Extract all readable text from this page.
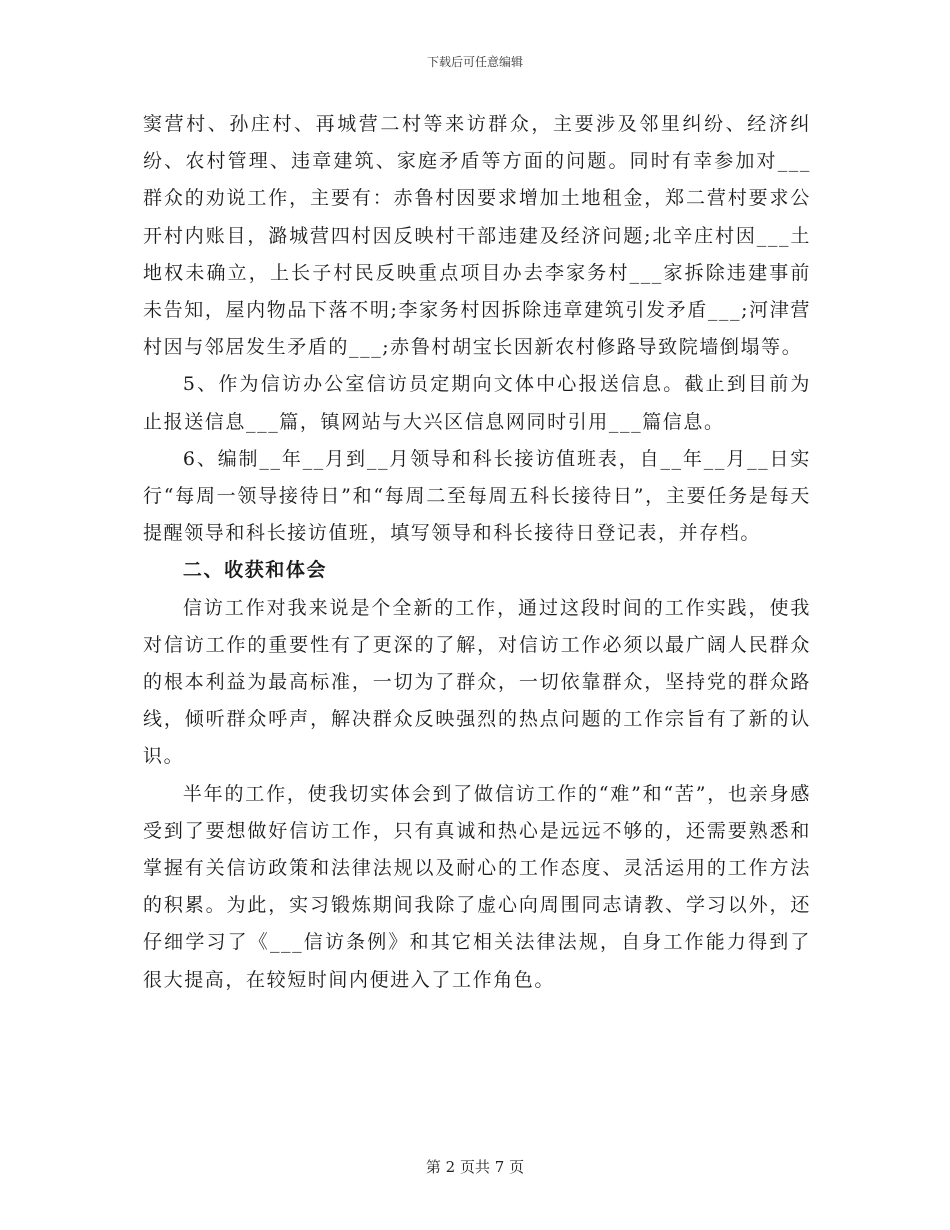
下载后可任意编辑

窦营村、孙庄村、再城营二村等来访群众，主要涉及邻里纠纷、经济纠纷、农村管理、违章建筑、家庭矛盾等方面的问题。同时有幸参加对___群众的劝说工作，主要有：赤鲁村因要求增加土地租金，郑二营村要求公开村内账目，潞城营四村因反映村干部违建及经济问题;北辛庄村因___土地权未确立，上长子村民反映重点项目办去李家务村___家拆除违建事前未告知，屋内物品下落不明;李家务村因拆除违章建筑引发矛盾___;河津营村因与邻居发生矛盾的___;赤鲁村胡宝长因新农村修路导致院墙倒塌等。

5、作为信访办公室信访员定期向文体中心报送信息。截止到目前为止报送信息___篇，镇网站与大兴区信息网同时引用___篇信息。

6、编制__年__月到__月领导和科长接访值班表，自__年__月__日实行“每周一领导接待日”和“每周二至每周五科长接待日”，主要任务是每天提醒领导和科长接访值班，填写领导和科长接待日登记表，并存档。

二、收获和体会

信访工作对我来说是个全新的工作，通过这段时间的工作实践，使我对信访工作的重要性有了更深的了解，对信访工作必须以最广阔人民群众的根本利益为最高标准，一切为了群众，一切依靠群众，坚持党的群众路线，倾听群众呼声，解决群众反映强烈的热点问题的工作宗旨有了新的认识。

半年的工作，使我切实体会到了做信访工作的“难”和“苦”，也亲身感受到了要想做好信访工作，只有真诚和热心是远远不够的，还需要熟悉和掌握有关信访政策和法律法规以及耐心的工作态度、灵活运用的工作方法的积累。为此，实习锻炼期间我除了虚心向周围同志请教、学习以外，还仔细学习了《___信访条例》和其它相关法律法规，自身工作能力得到了很大提高，在较短时间内便进入了工作角色。

第 2 页共 7 页
